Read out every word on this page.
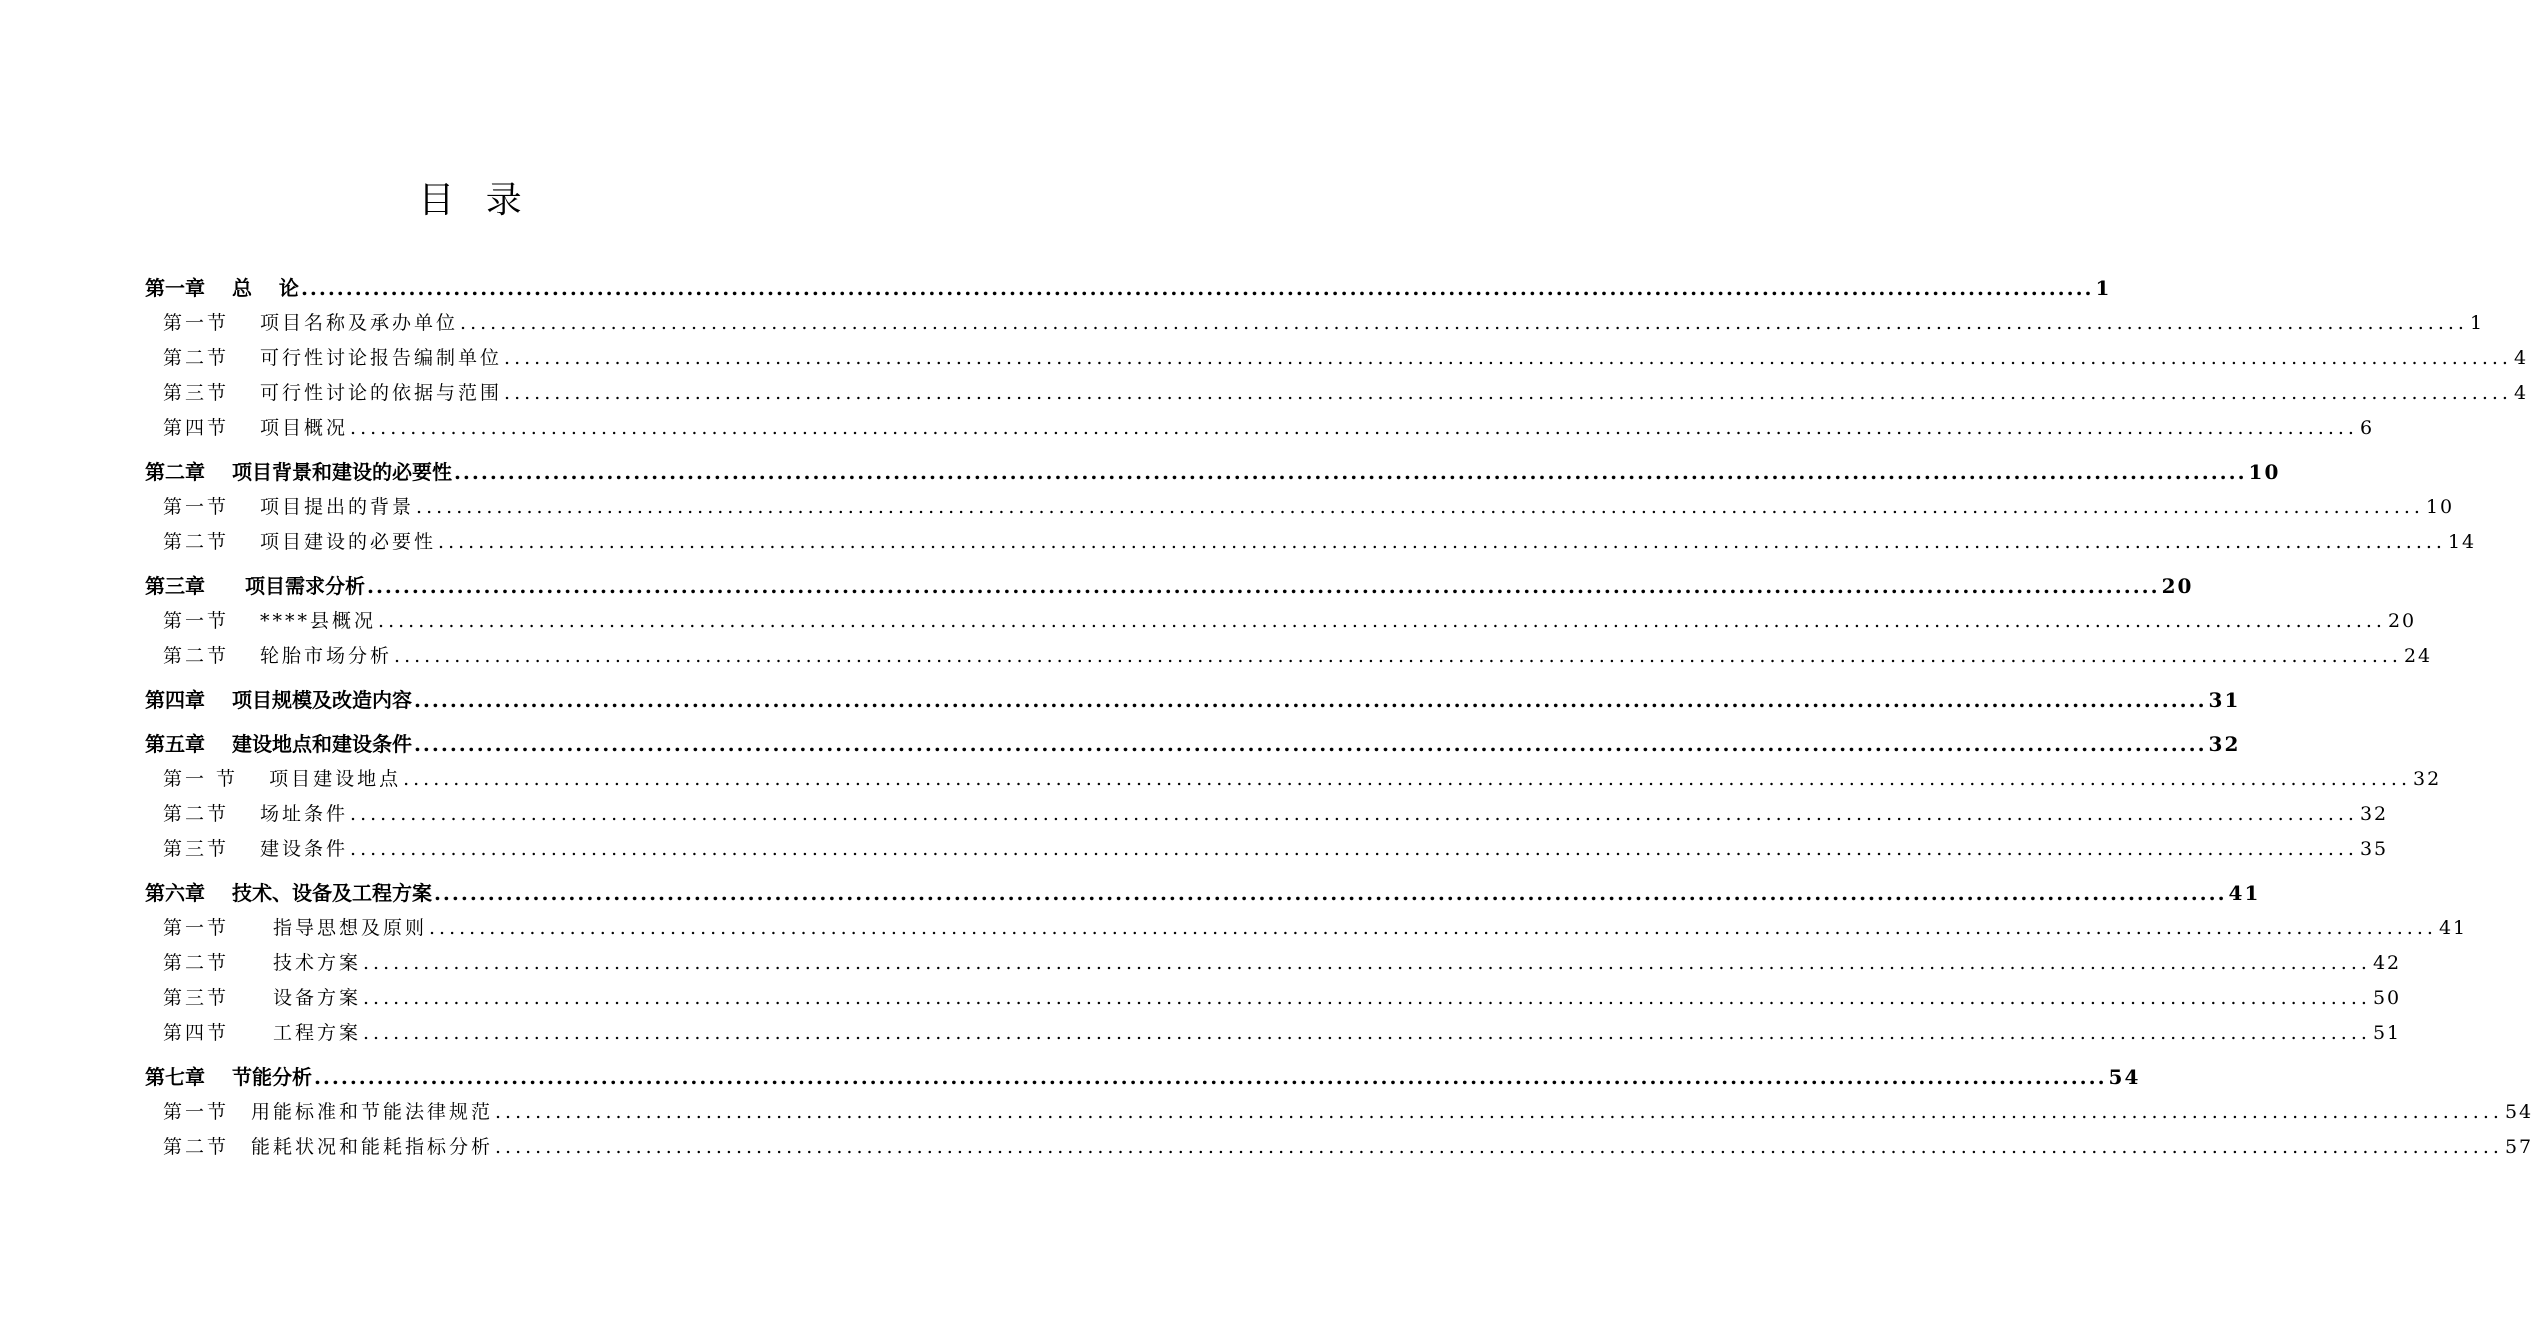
目 录
第一章　 总　 论 ........................................................................................................................................................................................................ 1
第一节　 项目名称及承办单位 ........................................................................................................................................................................................................ 1
第二节　 可行性讨论报告编制单位 ........................................................................................................................................................................................................ 4
第三节　 可行性讨论的依据与范围 ........................................................................................................................................................................................................ 4
第四节　 项目概况 ........................................................................................................................................................................................................ 6
第二章　 项目背景和建设的必要性 ........................................................................................................................................................................................................ 10
第一节　 项目提出的背景 ........................................................................................................................................................................................................ 10
第二节　 项目建设的必要性 ........................................................................................................................................................................................................ 14
第三章　　项目需求分析 ........................................................................................................................................................................................................ 20
第一节　 ****县概况 ........................................................................................................................................................................................................ 20
第二节　 轮胎市场分析 ........................................................................................................................................................................................................ 24
第四章　 项目规模及改造内容 ........................................................................................................................................................................................................ 31
第五章　 建设地点和建设条件 ........................................................................................................................................................................................................ 32
第一 节　 项目建设地点 ........................................................................................................................................................................................................ 32
第二节　 场址条件 ........................................................................................................................................................................................................ 32
第三节　 建设条件 ........................................................................................................................................................................................................ 35
第六章　 技术、设备及工程方案 ........................................................................................................................................................................................................ 41
第一节　　指导思想及原则 ........................................................................................................................................................................................................ 41
第二节　　技术方案 ........................................................................................................................................................................................................ 42
第三节　　设备方案 ........................................................................................................................................................................................................ 50
第四节　　工程方案 ........................................................................................................................................................................................................ 51
第七章　 节能分析 ........................................................................................................................................................................................................ 54
第一节　用能标准和节能法律规范 ........................................................................................................................................................................................................ 54
第二节　能耗状况和能耗指标分析 ........................................................................................................................................................................................................ 57
